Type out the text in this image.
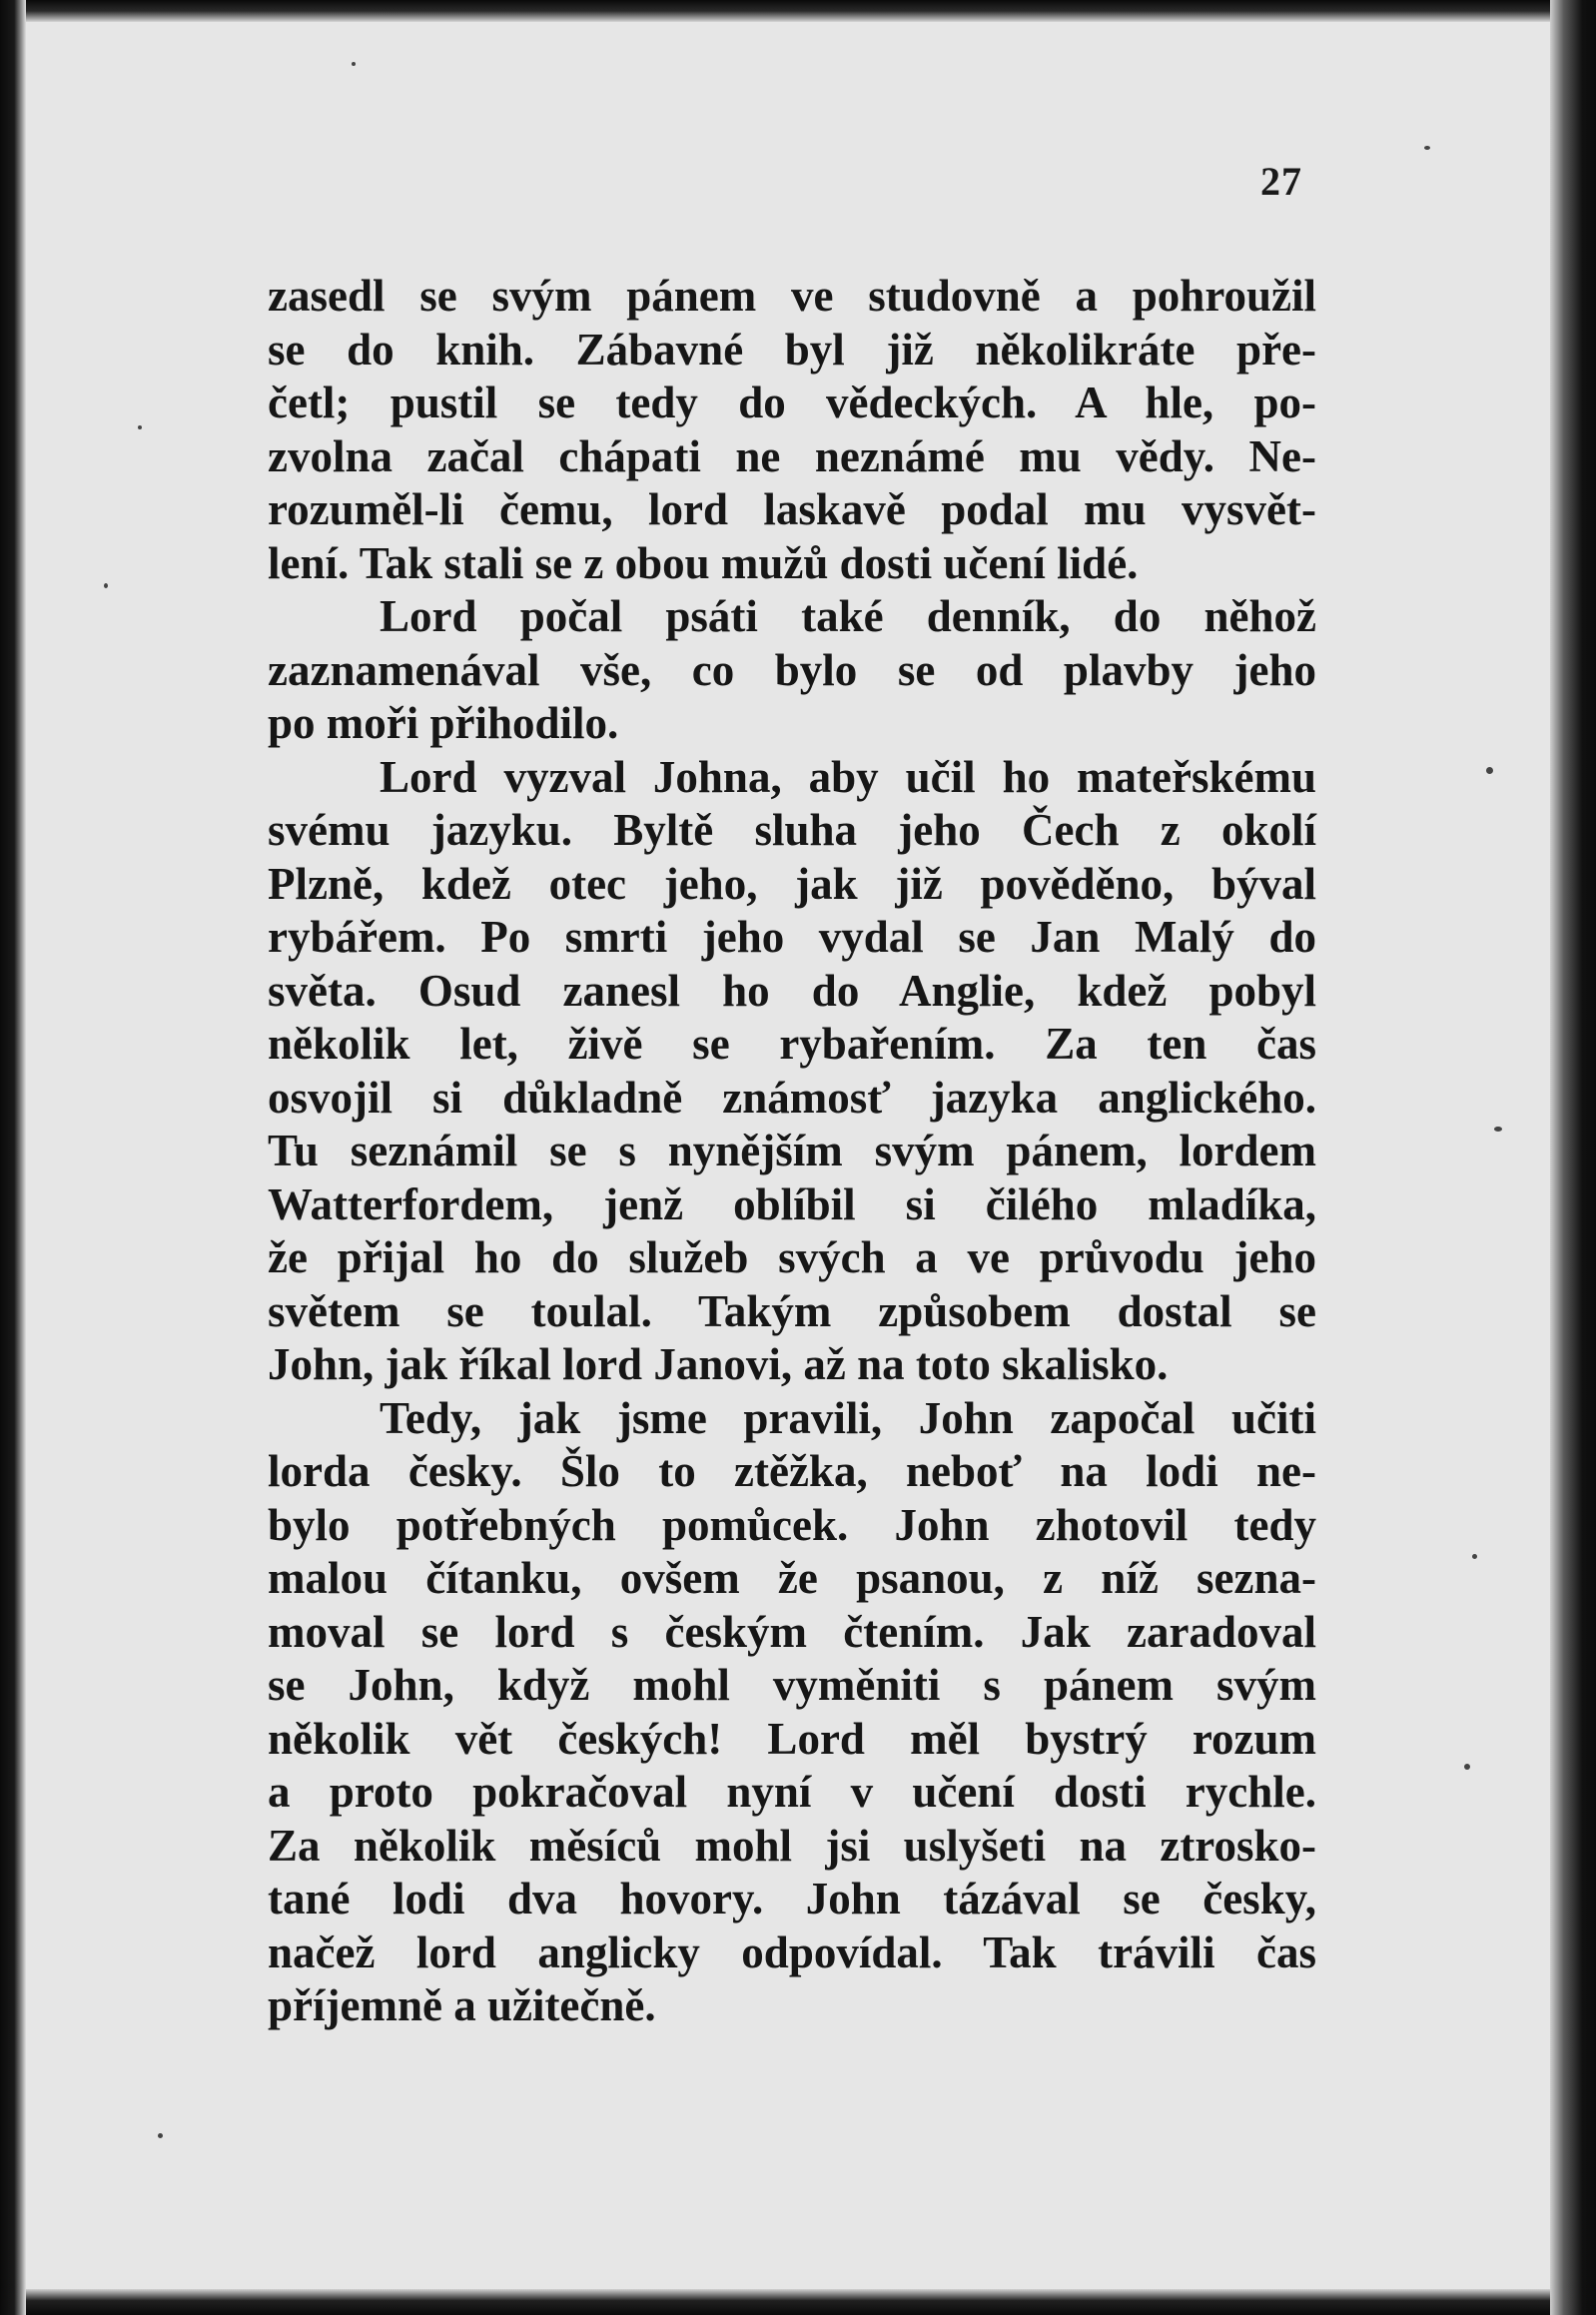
27
zasedl se svým pánem ve studovně a pohroužil
se do knih. Zábavné byl již několikráte pře-
četl; pustil se tedy do vědeckých. A hle, po-
zvolna začal chápati ne neznámé mu vědy. Ne-
rozuměl-li čemu, lord laskavě podal mu vysvět-
lení. Tak stali se z obou mužů dosti učení lidé.
Lord počal psáti také denník, do něhož
zaznamenával vše, co bylo se od plavby jeho
po moři přihodilo.
Lord vyzval Johna, aby učil ho mateřskému
svému jazyku. Byltě sluha jeho Čech z okolí
Plzně, kdež otec jeho, jak již pověděno, býval
rybářem. Po smrti jeho vydal se Jan Malý do
světa. Osud zanesl ho do Anglie, kdež pobyl
několik let, živě se rybařením. Za ten čas
osvojil si důkladně známosť jazyka anglického.
Tu seznámil se s nynějším svým pánem, lordem
Watterfordem, jenž oblíbil si čilého mladíka,
že přijal ho do služeb svých a ve průvodu jeho
světem se toulal. Takým způsobem dostal se
John, jak říkal lord Janovi, až na toto skalisko.
Tedy, jak jsme pravili, John započal učiti
lorda česky. Šlo to ztěžka, neboť na lodi ne-
bylo potřebných pomůcek. John zhotovil tedy
malou čítanku, ovšem že psanou, z níž sezna-
moval se lord s českým čtením. Jak zaradoval
se John, když mohl vyměniti s pánem svým
několik vět českých! Lord měl bystrý rozum
a proto pokračoval nyní v učení dosti rychle.
Za několik měsíců mohl jsi uslyšeti na ztrosko-
tané lodi dva hovory. John tázával se česky,
načež lord anglicky odpovídal. Tak trávili čas
příjemně a užitečně.
